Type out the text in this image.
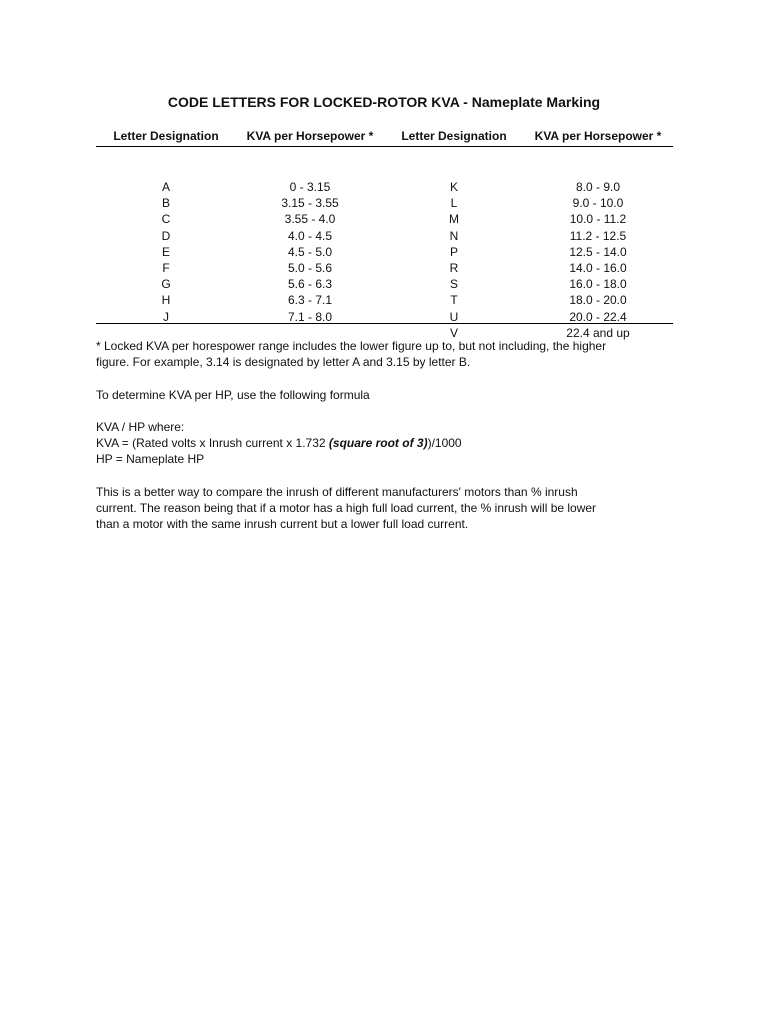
CODE LETTERS FOR LOCKED-ROTOR KVA - Nameplate Marking
Letter Designation KVA per Horsepower * Letter Designation KVA per Horsepower *
A
B
C
D
E
F
G
H
J
0 - 3.15
3.15 - 3.55
3.55 - 4.0
4.0 - 4.5
4.5 - 5.0
5.0 - 5.6
5.6 - 6.3
6.3 - 7.1
7.1 - 8.0
K
L
M
N
P
R
S
T
U
V
8.0 - 9.0
9.0 - 10.0
10.0 - 11.2
11.2 - 12.5
12.5 - 14.0
14.0 - 16.0
16.0 - 18.0
18.0 - 20.0
20.0 - 22.4
22.4 and up

* Locked KVA per horespower range includes the lower figure up to, but not including, the higher
figure. For example, 3.14 is designated by letter A and 3.15 by letter B.

To determine KVA per HP, use the following formula

KVA / HP where:
KVA = (Rated volts x Inrush current x 1.732 (square root of 3))/1000
HP = Nameplate HP

This is a better way to compare the inrush of different manufacturers' motors than % inrush
current. The reason being that if a motor has a high full load current, the % inrush will be lower
than a motor with the same inrush current but a lower full load current.
